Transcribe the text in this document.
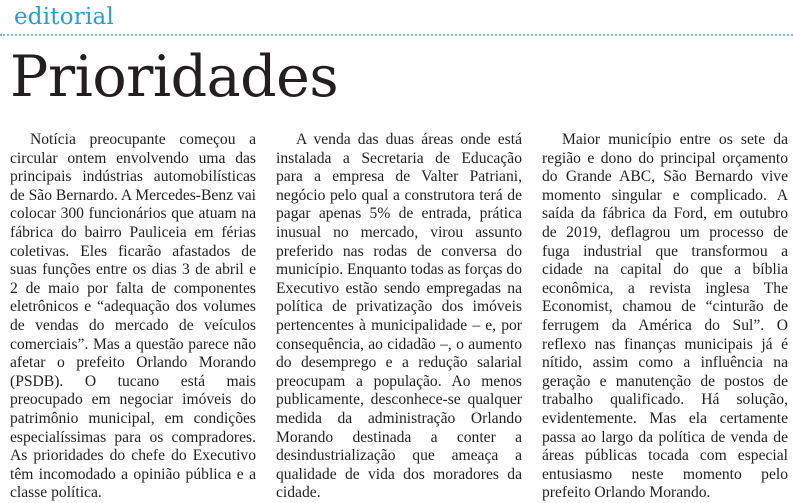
editorial
Prioridades

Notícia preocupante começou a circular ontem envolvendo uma das principais indústrias automobilísticas de São Bernardo. A Mercedes-Benz vai colocar 300 funcionários que atuam na fábrica do bairro Pauliceia em férias coletivas. Eles ficarão afastados de suas funções entre os dias 3 de abril e 2 de maio por falta de componentes eletrônicos e “adequação dos volumes de vendas do mercado de veículos comerciais”. Mas a questão parece não afetar o prefeito Orlando Morando (PSDB). O tucano está mais preocupado em negociar imóveis do patrimônio municipal, em condições especialíssimas para os compradores. As prioridades do chefe do Executivo têm incomodado a opinião pública e a classe política.

A venda das duas áreas onde está instalada a Secretaria de Educação para a empresa de Valter Patriani, negócio pelo qual a construtora terá de pagar apenas 5% de entrada, prática inusual no mercado, virou assunto preferido nas rodas de conversa do município. Enquanto todas as forças do Executivo estão sendo empregadas na política de privatização dos imóveis pertencentes à municipalidade – e, por consequência, ao cidadão –, o aumento do desemprego e a redução salarial preocupam a população. Ao menos publicamente, desconhece-se qualquer medida da administração Orlando Morando destinada a conter a desindustrialização que ameaça a qualidade de vida dos moradores da cidade.

Maior município entre os sete da região e dono do principal orçamento do Grande ABC, São Bernardo vive momento singular e complicado. A saída da fábrica da Ford, em outubro de 2019, deflagrou um processo de fuga industrial que transformou a cidade na capital do que a bíblia econômica, a revista inglesa The Economist, chamou de “cinturão de ferrugem da América do Sul”. O reflexo nas finanças municipais já é nítido, assim como a influência na geração e manutenção de postos de trabalho qualificado. Há solução, evidentemente. Mas ela certamente passa ao largo da política de venda de áreas públicas tocada com especial entusiasmo neste momento pelo prefeito Orlando Morando.
